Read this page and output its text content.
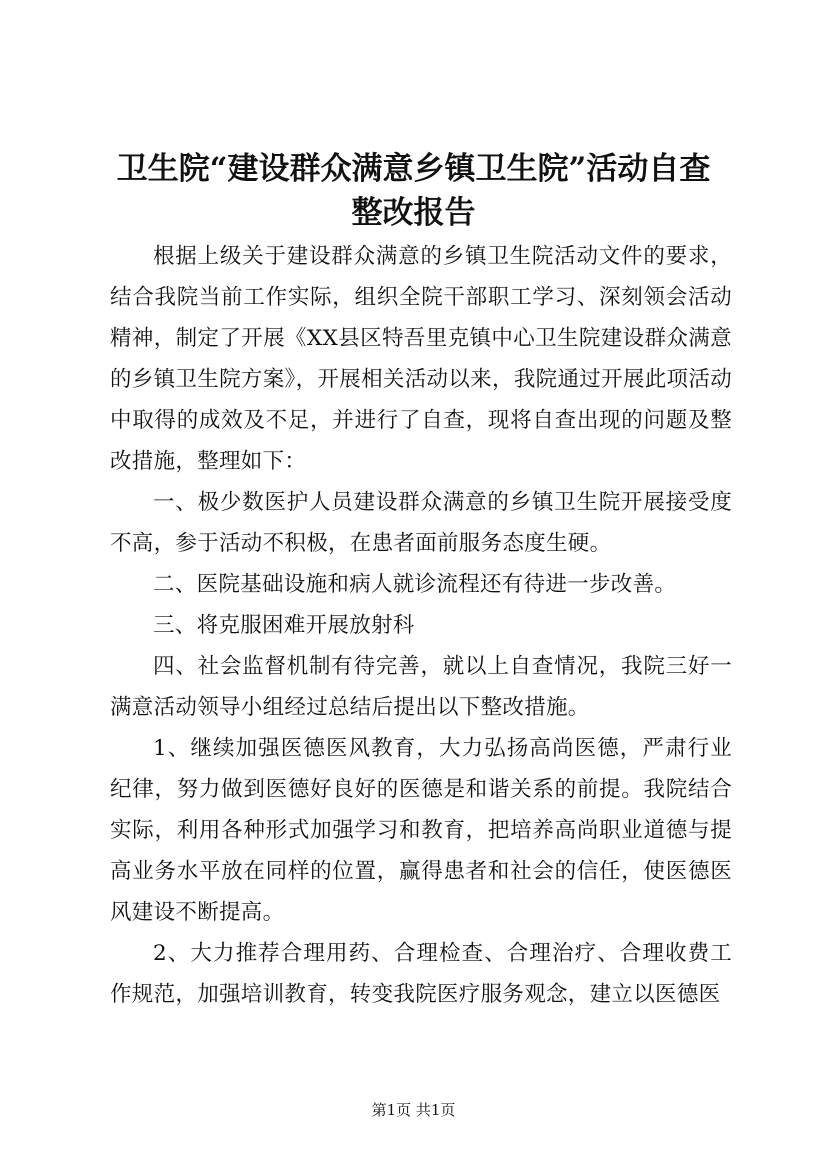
卫生院“建设群众满意乡镇卫生院”活动自查
整改报告

根据上级关于建设群众满意的乡镇卫生院活动文件的要求，结合我院当前工作实际，组织全院干部职工学习、深刻领会活动精神，制定了开展《XX县区特吾里克镇中心卫生院建设群众满意的乡镇卫生院方案》，开展相关活动以来，我院通过开展此项活动中取得的成效及不足，并进行了自查，现将自查出现的问题及整改措施，整理如下：

一、极少数医护人员建设群众满意的乡镇卫生院开展接受度不高，参于活动不积极，在患者面前服务态度生硬。

二、医院基础设施和病人就诊流程还有待进一步改善。

三、将克服困难开展放射科

四、社会监督机制有待完善，就以上自查情况，我院三好一满意活动领导小组经过总结后提出以下整改措施。

1、继续加强医德医风教育，大力弘扬高尚医德，严肃行业纪律，努力做到医德好良好的医德是和谐关系的前提。我院结合实际，利用各种形式加强学习和教育，把培养高尚职业道德与提高业务水平放在同样的位置，赢得患者和社会的信任，使医德医风建设不断提高。

2、大力推荐合理用药、合理检查、合理治疗、合理收费工作规范，加强培训教育，转变我院医疗服务观念，建立以医德医

第1页 共1页
